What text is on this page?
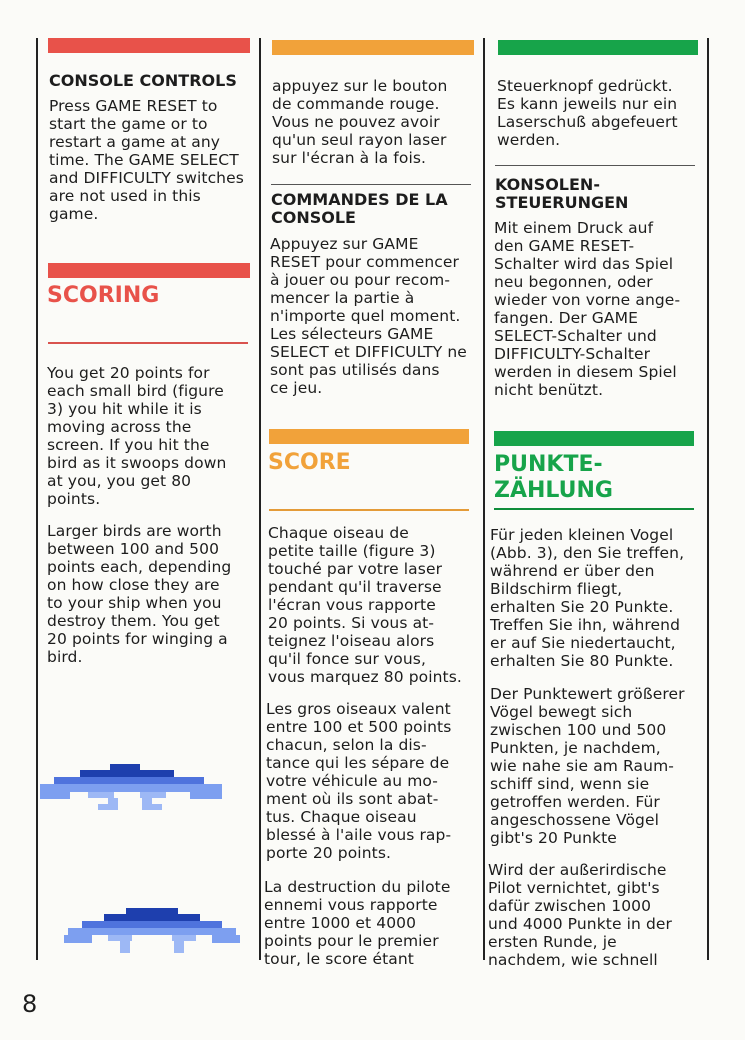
CONSOLE CONTROLS
Press GAME RESET to
start the game or to
restart a game at any
time. The GAME SELECT
and DIFFICULTY switches
are not used in this
game.
SCORING
You get 20 points for
each small bird (figure
3) you hit while it is
moving across the
screen. If you hit the
bird as it swoops down
at you, you get 80
points.
Larger birds are worth
between 100 and 500
points each, depending
on how close they are
to your ship when you
destroy them. You get
20 points for winging a
bird.
appuyez sur le bouton
de commande rouge.
Vous ne pouvez avoir
qu'un seul rayon laser
sur l'écran à la fois.
COMMANDES DE LA
CONSOLE
Appuyez sur GAME
RESET pour commencer
à jouer ou pour recom-
mencer la partie à
n'importe quel moment.
Les sélecteurs GAME
SELECT et DIFFICULTY ne
sont pas utilisés dans
ce jeu.
SCORE
Chaque oiseau de
petite taille (figure 3)
touché par votre laser
pendant qu'il traverse
l'écran vous rapporte
20 points. Si vous at-
teignez l'oiseau alors
qu'il fonce sur vous,
vous marquez 80 points.
Les gros oiseaux valent
entre 100 et 500 points
chacun, selon la dis-
tance qui les sépare de
votre véhicule au mo-
ment où ils sont abat-
tus. Chaque oiseau
blessé à l'aile vous rap-
porte 20 points.
La destruction du pilote
ennemi vous rapporte
entre 1000 et 4000
points pour le premier
tour, le score étant
Steuerknopf gedrückt.
Es kann jeweils nur ein
Laserschuß abgefeuert
werden.
KONSOLEN-
STEUERUNGEN
Mit einem Druck auf
den GAME RESET-
Schalter wird das Spiel
neu begonnen, oder
wieder von vorne ange-
fangen. Der GAME
SELECT-Schalter und
DIFFICULTY-Schalter
werden in diesem Spiel
nicht benützt.
PUNKTE-
ZÄHLUNG
Für jeden kleinen Vogel
(Abb. 3), den Sie treffen,
während er über den
Bildschirm fliegt,
erhalten Sie 20 Punkte.
Treffen Sie ihn, während
er auf Sie niedertaucht,
erhalten Sie 80 Punkte.
Der Punktewert größerer
Vögel bewegt sich
zwischen 100 und 500
Punkten, je nachdem,
wie nahe sie am Raum-
schiff sind, wenn sie
getroffen werden. Für
angeschossene Vögel
gibt's 20 Punkte
Wird der außerirdische
Pilot vernichtet, gibt's
dafür zwischen 1000
und 4000 Punkte in der
ersten Runde, je
nachdem, wie schnell
8
